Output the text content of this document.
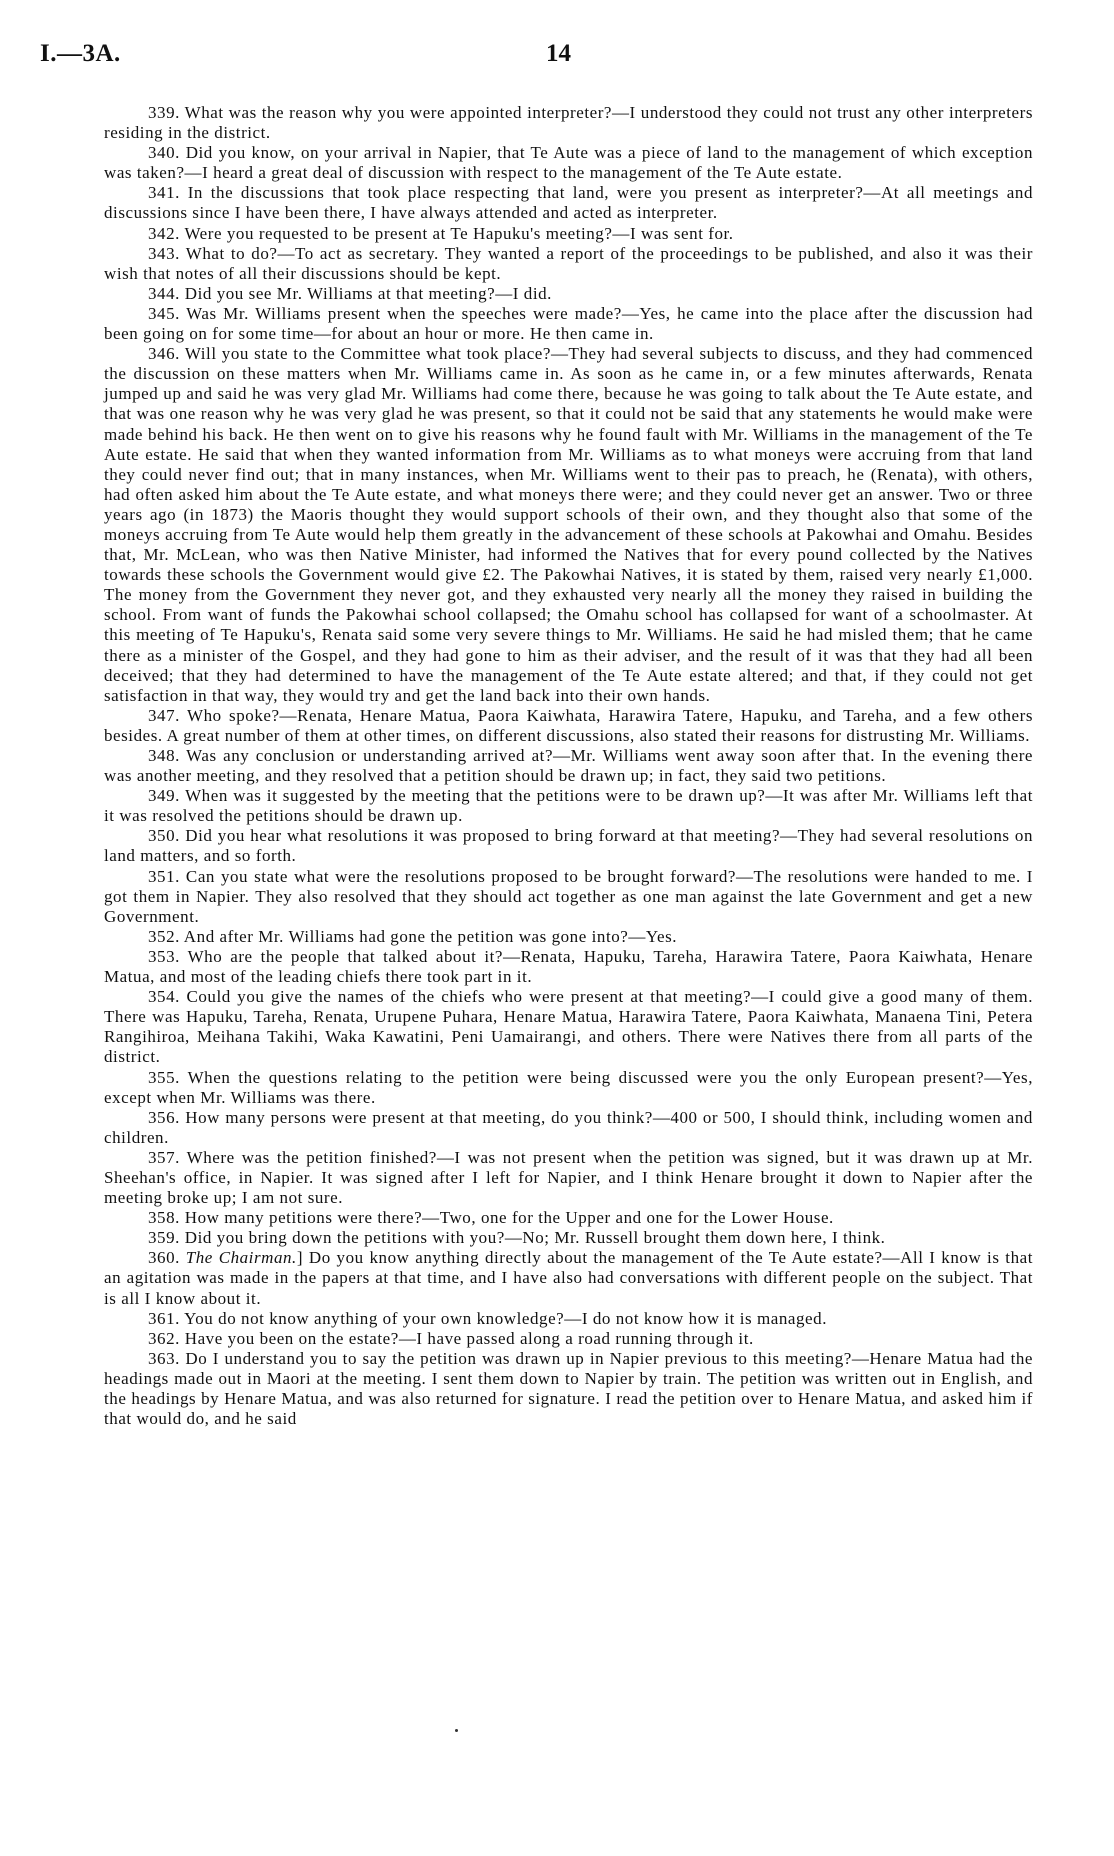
I.—3A.	14

339. What was the reason why you were appointed interpreter?—I understood they could not trust any other interpreters residing in the district.

340. Did you know, on your arrival in Napier, that Te Aute was a piece of land to the management of which exception was taken?—I heard a great deal of discussion with respect to the management of the Te Aute estate.

341. In the discussions that took place respecting that land, were you present as interpreter?—At all meetings and discussions since I have been there, I have always attended and acted as interpreter.

342. Were you requested to be present at Te Hapuku's meeting?—I was sent for.

343. What to do?—To act as secretary. They wanted a report of the proceedings to be published, and also it was their wish that notes of all their discussions should be kept.

344. Did you see Mr. Williams at that meeting?—I did.

345. Was Mr. Williams present when the speeches were made?—Yes, he came into the place after the discussion had been going on for some time—for about an hour or more. He then came in.

346. Will you state to the Committee what took place?—They had several subjects to discuss, and they had commenced the discussion on these matters when Mr. Williams came in. As soon as he came in, or a few minutes afterwards, Renata jumped up and said he was very glad Mr. Williams had come there, because he was going to talk about the Te Aute estate, and that was one reason why he was very glad he was present, so that it could not be said that any statements he would make were made behind his back. He then went on to give his reasons why he found fault with Mr. Williams in the management of the Te Aute estate. He said that when they wanted information from Mr. Williams as to what moneys were accruing from that land they could never find out; that in many instances, when Mr. Williams went to their pas to preach, he (Renata), with others, had often asked him about the Te Aute estate, and what moneys there were; and they could never get an answer. Two or three years ago (in 1873) the Maoris thought they would support schools of their own, and they thought also that some of the moneys accruing from Te Aute would help them greatly in the advancement of these schools at Pakowhai and Omahu. Besides that, Mr. McLean, who was then Native Minister, had informed the Natives that for every pound collected by the Natives towards these schools the Government would give £2. The Pakowhai Natives, it is stated by them, raised very nearly £1,000. The money from the Government they never got, and they exhausted very nearly all the money they raised in building the school. From want of funds the Pakowhai school collapsed; the Omahu school has collapsed for want of a schoolmaster. At this meeting of Te Hapuku's, Renata said some very severe things to Mr. Williams. He said he had misled them; that he came there as a minister of the Gospel, and they had gone to him as their adviser, and the result of it was that they had all been deceived; that they had determined to have the management of the Te Aute estate altered; and that, if they could not get satisfaction in that way, they would try and get the land back into their own hands.

347. Who spoke?—Renata, Henare Matua, Paora Kaiwhata, Harawira Tatere, Hapuku, and Tareha, and a few others besides. A great number of them at other times, on different discussions, also stated their reasons for distrusting Mr. Williams.

348. Was any conclusion or understanding arrived at?—Mr. Williams went away soon after that. In the evening there was another meeting, and they resolved that a petition should be drawn up; in fact, they said two petitions.

349. When was it suggested by the meeting that the petitions were to be drawn up?—It was after Mr. Williams left that it was resolved the petitions should be drawn up.

350. Did you hear what resolutions it was proposed to bring forward at that meeting?—They had several resolutions on land matters, and so forth.

351. Can you state what were the resolutions proposed to be brought forward?—The resolutions were handed to me. I got them in Napier. They also resolved that they should act together as one man against the late Government and get a new Government.

352. And after Mr. Williams had gone the petition was gone into?—Yes.

353. Who are the people that talked about it?—Renata, Hapuku, Tareha, Harawira Tatere, Paora Kaiwhata, Henare Matua, and most of the leading chiefs there took part in it.

354. Could you give the names of the chiefs who were present at that meeting?—I could give a good many of them. There was Hapuku, Tareha, Renata, Urupene Puhara, Henare Matua, Harawira Tatere, Paora Kaiwhata, Manaena Tini, Petera Rangihiroa, Meihana Takihi, Waka Kawatini, Peni Uamairangi, and others. There were Natives there from all parts of the district.

355. When the questions relating to the petition were being discussed were you the only European present?—Yes, except when Mr. Williams was there.

356. How many persons were present at that meeting, do you think?—400 or 500, I should think, including women and children.

357. Where was the petition finished?—I was not present when the petition was signed, but it was drawn up at Mr. Sheehan's office, in Napier. It was signed after I left for Napier, and I think Henare brought it down to Napier after the meeting broke up; I am not sure.

358. How many petitions were there?—Two, one for the Upper and one for the Lower House.

359. Did you bring down the petitions with you?—No; Mr. Russell brought them down here, I think.

360. The Chairman.] Do you know anything directly about the management of the Te Aute estate?—All I know is that an agitation was made in the papers at that time, and I have also had conversations with different people on the subject. That is all I know about it.

361. You do not know anything of your own knowledge?—I do not know how it is managed.

362. Have you been on the estate?—I have passed along a road running through it.

363. Do I understand you to say the petition was drawn up in Napier previous to this meeting?—Henare Matua had the headings made out in Maori at the meeting. I sent them down to Napier by train. The petition was written out in English, and the headings by Henare Matua, and was also returned for signature. I read the petition over to Henare Matua, and asked him if that would do, and he said
